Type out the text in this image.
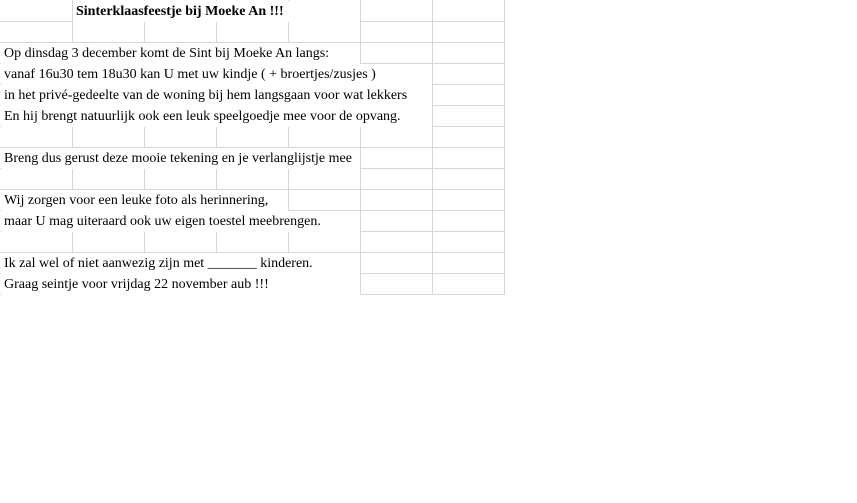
Sinterklaasfeestje bij Moeke An !!!
Op dinsdag 3 december komt de Sint bij Moeke An langs:
vanaf 16u30 tem 18u30 kan U met uw kindje ( + broertjes/zusjes )
in het privé-gedeelte van de woning bij hem langsgaan voor wat lekkers
En hij brengt natuurlijk ook een leuk speelgoedje mee voor de opvang.
Breng dus gerust deze mooie tekening en je verlanglijstje mee
Wij zorgen voor een leuke foto als herinnering,
maar U mag uiteraard ook uw eigen toestel meebrengen.
Ik zal wel of niet aanwezig zijn met _______ kinderen.
Graag seintje voor vrijdag 22 november aub !!!
